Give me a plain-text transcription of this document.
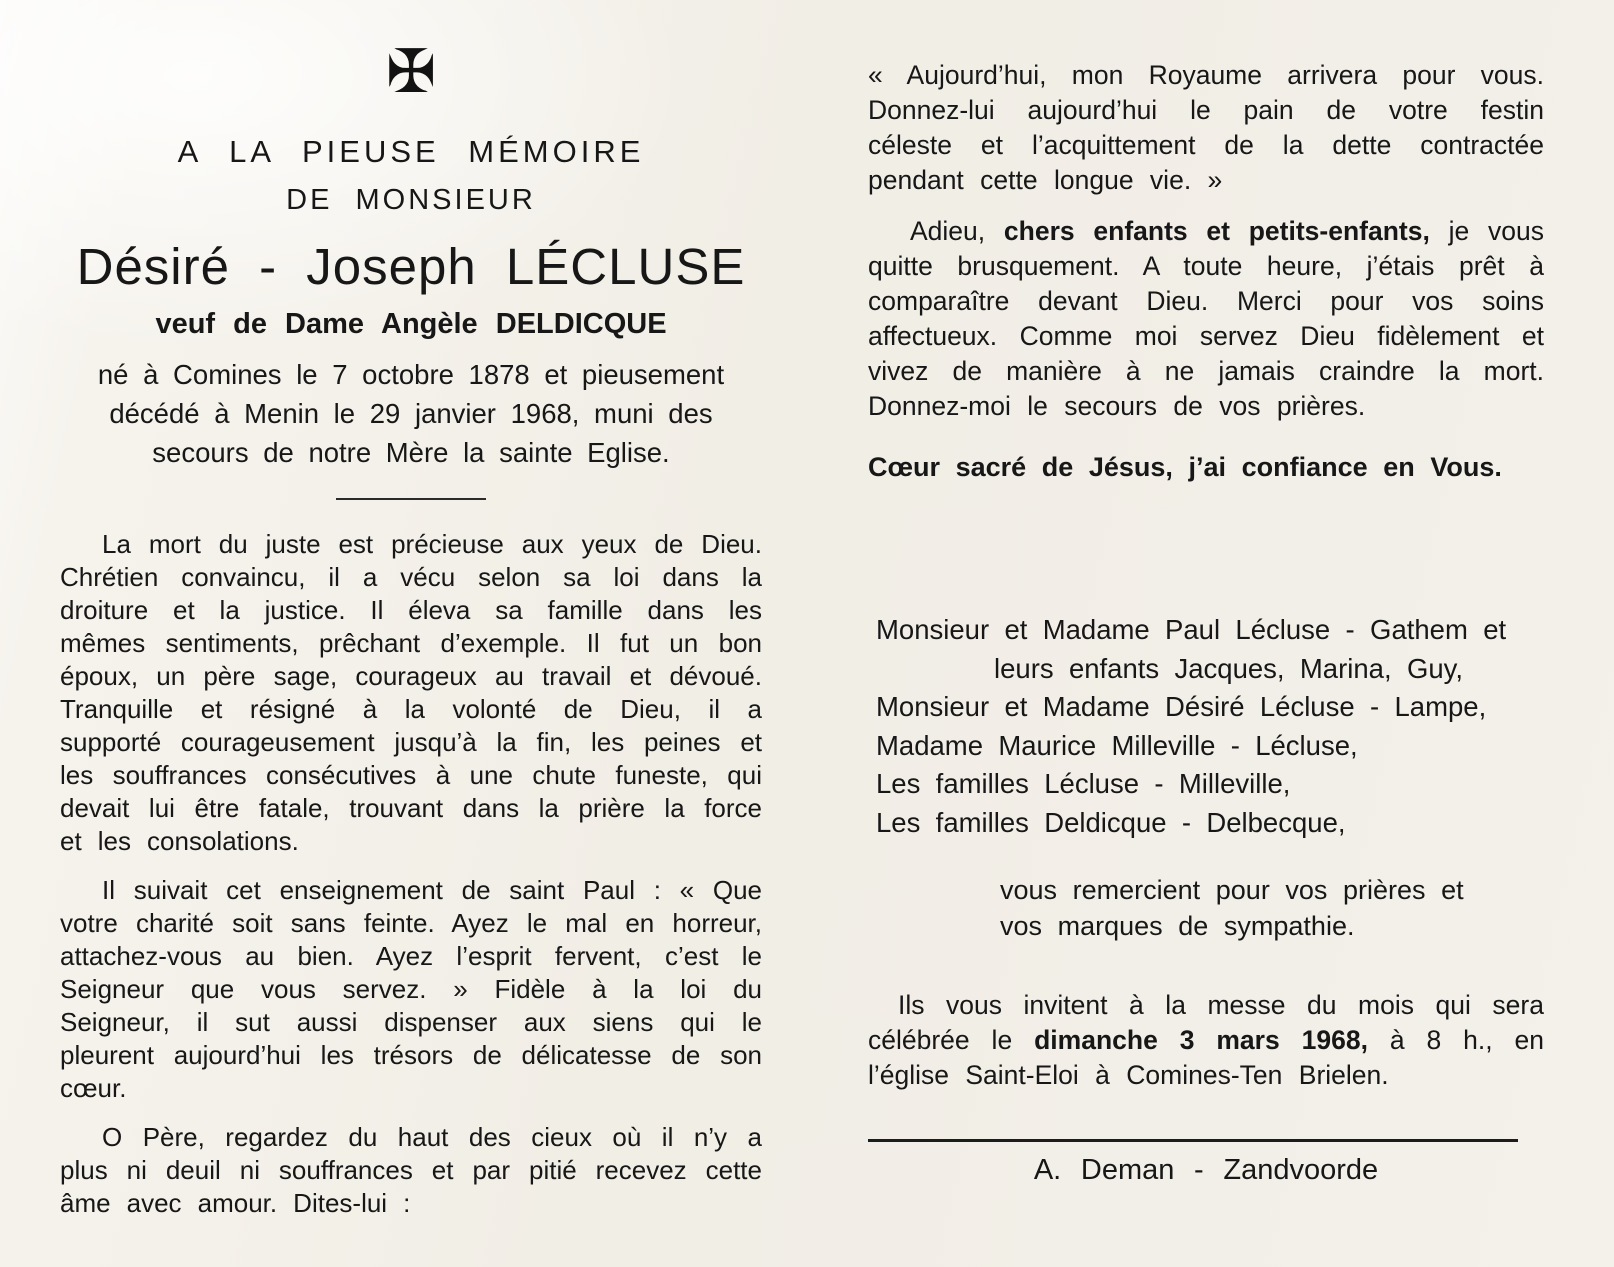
✠
A LA PIEUSE MÉMOIRE
DE MONSIEUR
Désiré - Joseph LÉCLUSE
veuf de Dame Angèle DELDICQUE
né à Comines le 7 octobre 1878 et pieusement décédé à Menin le 29 janvier 1968, muni des secours de notre Mère la sainte Eglise.

La mort du juste est précieuse aux yeux de Dieu. Chrétien convaincu, il a vécu selon sa loi dans la droiture et la justice. Il éleva sa famille dans les mêmes sentiments, prêchant d’exemple. Il fut un bon époux, un père sage, courageux au travail et dévoué. Tranquille et résigné à la volonté de Dieu, il a supporté courageusement jusqu’à la fin, les peines et les souffrances consécutives à une chute funeste, qui devait lui être fatale, trouvant dans la prière la force et les consolations.

Il suivait cet enseignement de saint Paul : « Que votre charité soit sans feinte. Ayez le mal en horreur, attachez-vous au bien. Ayez l’esprit fervent, c’est le Seigneur que vous servez. » Fidèle à la loi du Seigneur, il sut aussi dispenser aux siens qui le pleurent aujourd’hui les trésors de délicatesse de son cœur.

O Père, regardez du haut des cieux où il n’y a plus ni deuil ni souffrances et par pitié recevez cette âme avec amour. Dites-lui :

« Aujourd’hui, mon Royaume arrivera pour vous. Donnez-lui aujourd’hui le pain de votre festin céleste et l’acquittement de la dette contractée pendant cette longue vie. »

Adieu, chers enfants et petits-enfants, je vous quitte brusquement. A toute heure, j’étais prêt à comparaître devant Dieu. Merci pour vos soins affectueux. Comme moi servez Dieu fidèlement et vivez de manière à ne jamais craindre la mort. Donnez-moi le secours de vos prières.

Cœur sacré de Jésus, j’ai confiance en Vous.
Monsieur et Madame Paul Lécluse - Gathem et
leurs enfants Jacques, Marina, Guy,
Monsieur et Madame Désiré Lécluse - Lampe,
Madame Maurice Milleville - Lécluse,
Les familles Lécluse - Milleville,
Les familles Deldicque - Delbecque,
vous remercient pour vos prières et
vos marques de sympathie.

Ils vous invitent à la messe du mois qui sera célébrée le dimanche 3 mars 1968, à 8 h., en l’église Saint-Eloi à Comines-Ten Brielen.

A. Deman - Zandvoorde
